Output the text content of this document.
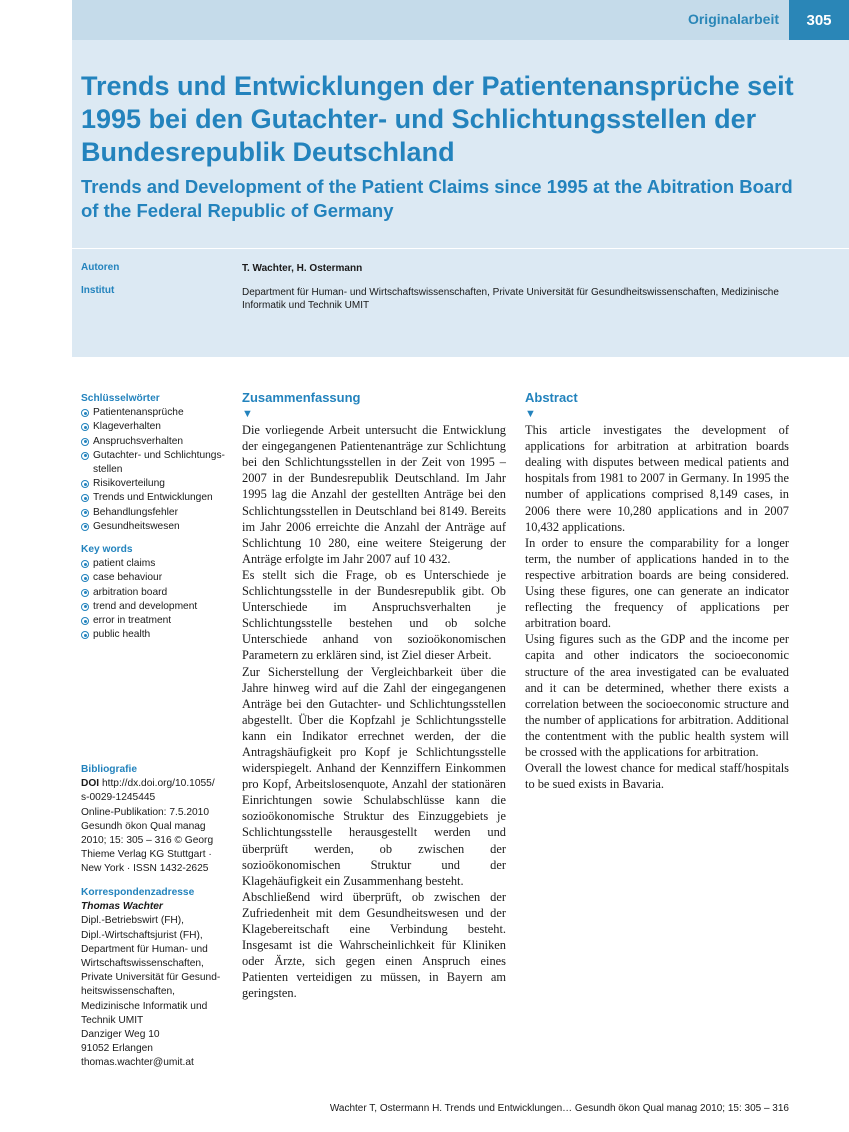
Originalarbeit	305
Trends und Entwicklungen der Patientenansprüche seit 1995 bei den Gutachter- und Schlichtungsstellen der Bundesrepublik Deutschland
Trends and Development of the Patient Claims since 1995 at the Abitration Board of the Federal Republic of Germany
Autoren	T. Wachter, H. Ostermann
Institut	Department für Human- und Wirtschaftswissenschaften, Private Universität für Gesundheitswissenschaften, Medizinische Informatik und Technik UMIT

Schlüsselwörter

Patientenansprüche
Klageverhalten
Anspruchsverhalten
Gutachter- und Schlichtungs-stellen
Risikoverteilung
Trends und Entwicklungen
Behandlungsfehler
Gesundheitswesen

Key words

patient claims
case behaviour
arbitration board
trend and development
error in treatment
public health

Bibliografie

DOI http://dx.doi.org/10.1055/
s-0029-1245445
Online-Publikation: 7.5.2010
Gesundh ökon Qual manag
2010; 15: 305 – 316 © Georg
Thieme Verlag KG Stuttgart ·
New York · ISSN 1432-2625

Korrespondenzadresse

Thomas Wachter

Dipl.-Betriebswirt (FH),
Dipl.-Wirtschaftsjurist (FH),
Department für Human- und
Wirtschaftswissenschaften,
Private Universität für Gesund-
heitswissenschaften,
Medizinische Informatik und
Technik UMIT
Danziger Weg 10
91052 Erlangen
thomas.wachter@umit.at

Zusammenfassung
▼

Die vorliegende Arbeit untersucht die Entwicklung der eingegangenen Patientenanträge zur Schlichtung bei den Schlichtungsstellen in der Zeit von 1995 – 2007 in der Bundesrepublik Deutschland. Im Jahr 1995 lag die Anzahl der gestellten Anträge bei den Schlichtungsstellen in Deutschland bei 8149. Bereits im Jahr 2006 erreichte die Anzahl der Anträge auf Schlichtung 10 280, eine weitere Steigerung der Anträge erfolgte im Jahr 2007 auf 10 432.

Es stellt sich die Frage, ob es Unterschiede je Schlichtungsstelle in der Bundesrepublik gibt. Ob Unterschiede im Anspruchsverhalten je Schlichtungsstelle bestehen und ob solche Unterschiede anhand von sozioökonomischen Parametern zu erklären sind, ist Ziel dieser Arbeit.

Zur Sicherstellung der Vergleichbarkeit über die Jahre hinweg wird auf die Zahl der eingegangenen Anträge bei den Gutachter- und Schlichtungsstellen abgestellt. Über die Kopfzahl je Schlichtungsstelle kann ein Indikator errechnet werden, der die Antragshäufigkeit pro Kopf je Schlichtungsstelle widerspiegelt. Anhand der Kennziffern Einkommen pro Kopf, Arbeitslosenquote, Anzahl der stationären Einrichtungen sowie Schulabschlüsse kann die sozioökonomische Struktur des Einzuggebiets je Schlichtungsstelle herausgestellt werden und überprüft werden, ob zwischen der sozioökonomischen Struktur und der Klagehäufigkeit ein Zusammenhang besteht.

Abschließend wird überprüft, ob zwischen der Zufriedenheit mit dem Gesundheitswesen und der Klagebereitschaft eine Verbindung besteht. Insgesamt ist die Wahrscheinlichkeit für Kliniken oder Ärzte, sich gegen einen Anspruch eines Patienten verteidigen zu müssen, in Bayern am geringsten.

Abstract
▼

This article investigates the development of applications for arbitration at arbitration boards dealing with disputes between medical patients and hospitals from 1981 to 2007 in Germany. In 1995 the number of applications comprised 8,149 cases, in 2006 there were 10,280 applications and in 2007 10,432 applications.

In order to ensure the comparability for a longer term, the number of applications handed in to the respective arbitration boards are being considered. Using these figures, one can generate an indicator reflecting the frequency of applications per arbitration board.

Using figures such as the GDP and the income per capita and other indicators the socioeconomic structure of the area investigated can be evaluated and it can be determined, whether there exists a correlation between the socioeconomic structure and the number of applications for arbitration. Additional the contentment with the public health system will be crossed with the applications for arbitration.

Overall the lowest chance for medical staff/hospitals to be sued exists in Bavaria.

Wachter T, Ostermann H. Trends und Entwicklungen… Gesundh ökon Qual manag 2010; 15: 305 – 316
